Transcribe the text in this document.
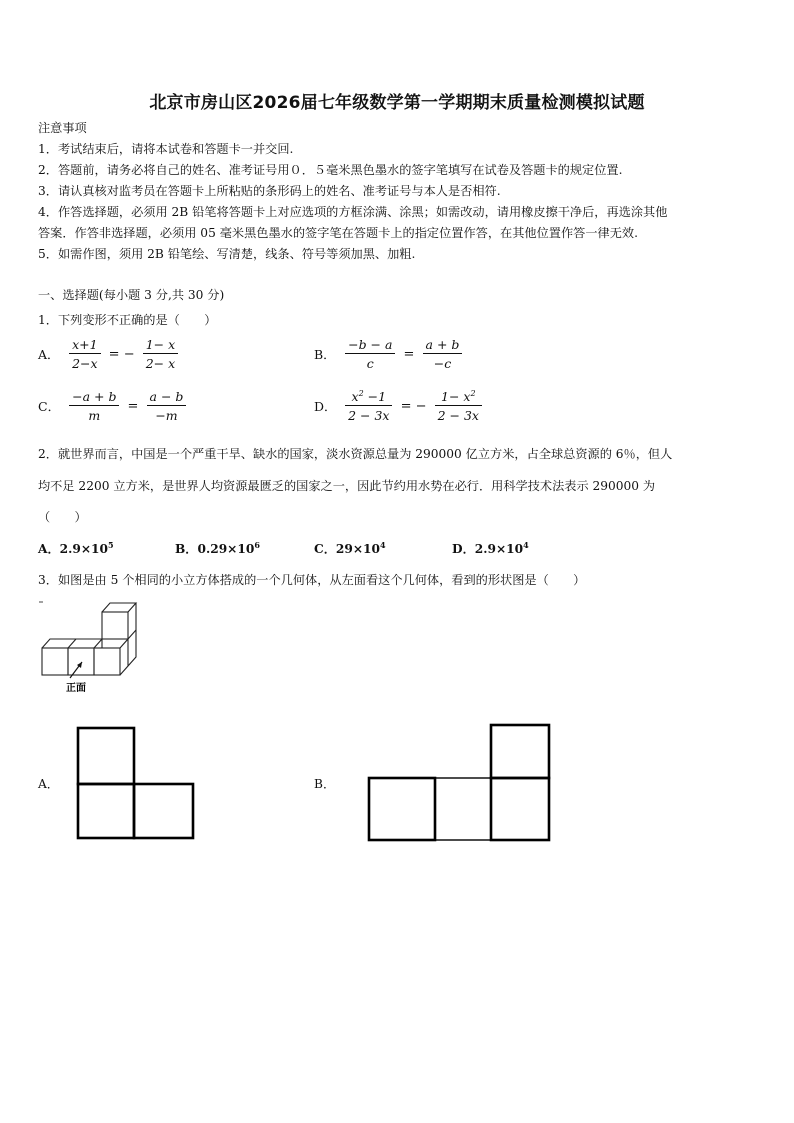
北京市房山区2026届七年级数学第一学期期末质量检测模拟试题
注意事项
1．考试结束后，请将本试卷和答题卡一并交回.
2．答题前，请务必将自己的姓名、准考证号用０．５毫米黑色墨水的签字笔填写在试卷及答题卡的规定位置.
3．请认真核对监考员在答题卡上所粘贴的条形码上的姓名、准考证号与本人是否相符.
4．作答选择题，必须用 2B 铅笔将答题卡上对应选项的方框涂满、涂黑；如需改动，请用橡皮擦干净后，再选涂其他
答案．作答非选择题，必须用 05 毫米黑色墨水的签字笔在答题卡上的指定位置作答，在其他位置作答一律无效.
5．如需作图，须用 2B 铅笔绘、写清楚，线条、符号等须加黑、加粗.
一、选择题(每小题 3 分,共 30 分)
1．下列变形不正确的是（　　）
A． $\frac{x+1}{2-x}$ = − $\frac{1- x}{2- x}$	B． $\frac{-b - a}{c} = \frac{a + b}{-c}$
C． $\frac{-a + b}{m} = \frac{a - b}{-m}$	D． $\frac{x^2 -1}{2 - 3x}$ = − $\frac{1- x^2}{2 - 3x}$
2．就世界而言，中国是一个严重干旱、缺水的国家，淡水资源总量为 290000 亿立方米，占全球总资源的 6％，但人
均不足 2200 立方米，是世界人均资源最匮乏的国家之一，因此节约用水势在必行．用科学技术法表示 290000 为
（　　）
A．$2.9\times 10^5$	B．$0.29\times 10^6$	C．$29\times 10^4$	D．$2.9\times 10^4$
3．如图是由 5 个相同的小立方体搭成的一个几何体，从左面看这个几何体，看到的形状图是（　　）
正面
A．	B．
